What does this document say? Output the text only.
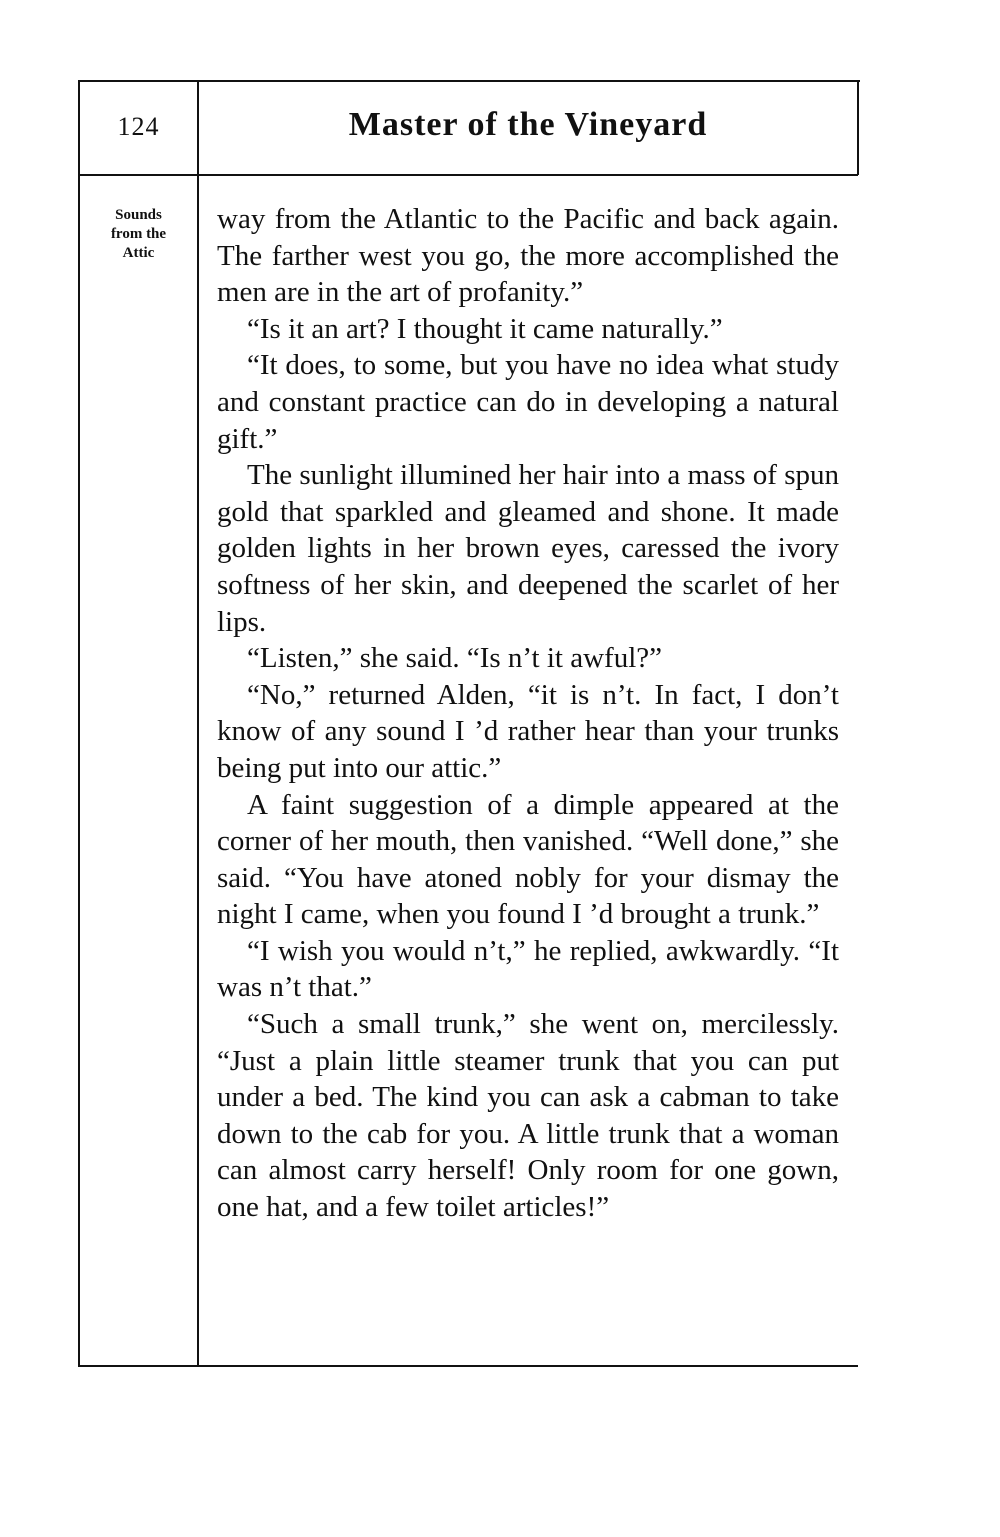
124	Master of the Vineyard
Sounds
from the
Attic

way from the Atlantic to the Pacific and back again. The farther west you go, the more accomplished the men are in the art of profanity.”

“Is it an art? I thought it came naturally.”

“It does, to some, but you have no idea what study and constant practice can do in developing a natural gift.”

The sunlight illumined her hair into a mass of spun gold that sparkled and gleamed and shone. It made golden lights in her brown eyes, caressed the ivory softness of her skin, and deepened the scarlet of her lips.

“Listen,” she said. “Is n’t it awful?”

“No,” returned Alden, “it is n’t. In fact, I don’t know of any sound I ’d rather hear than your trunks being put into our attic.”

A faint suggestion of a dimple appeared at the corner of her mouth, then vanished. “Well done,” she said. “You have atoned nobly for your dismay the night I came, when you found I ’d brought a trunk.”

“I wish you would n’t,” he replied, awkwardly. “It was n’t that.”

“Such a small trunk,” she went on, mercilessly. “Just a plain little steamer trunk that you can put under a bed. The kind you can ask a cabman to take down to the cab for you. A little trunk that a woman can almost carry herself! Only room for one gown, one hat, and a few toilet articles!”
